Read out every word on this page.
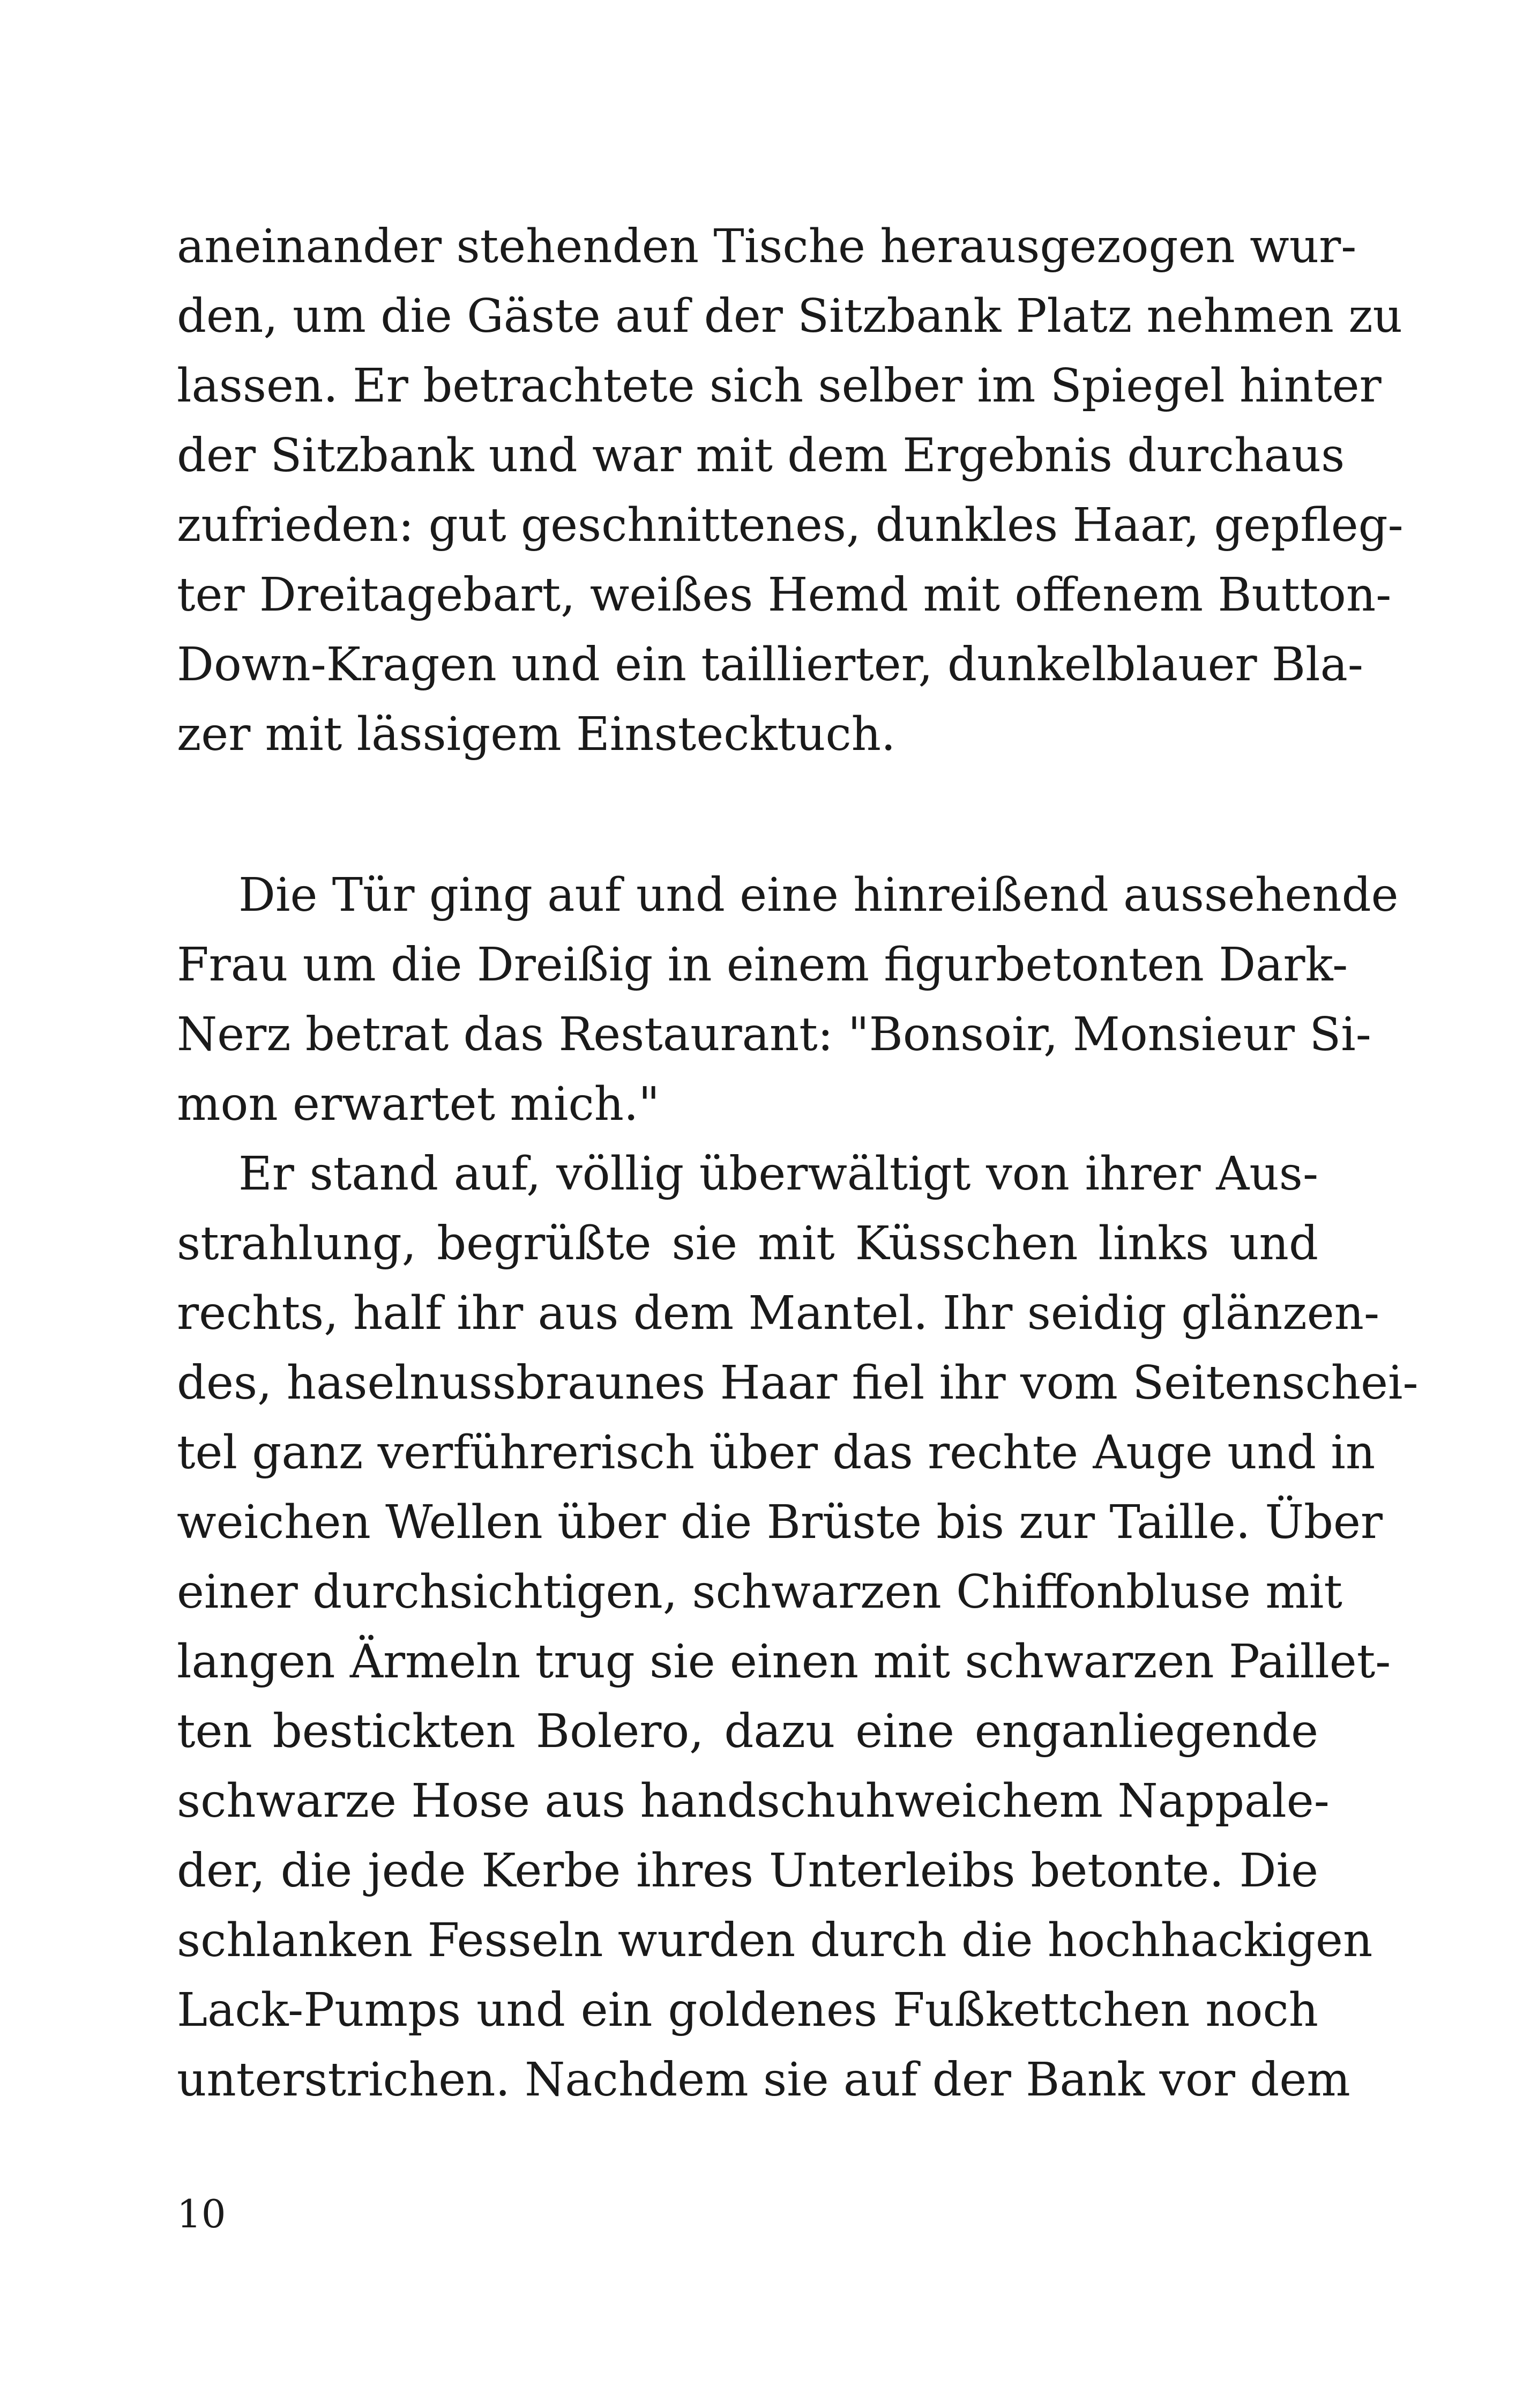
aneinander stehenden Tische herausgezogen wur-
den, um die Gäste auf der Sitzbank Platz nehmen zu
lassen. Er betrachtete sich selber im Spiegel hinter
der Sitzbank und war mit dem Ergebnis durchaus
zufrieden: gut geschnittenes, dunkles Haar, gepfleg-
ter Dreitagebart, weißes Hemd mit offenem Button-
Down-Kragen und ein taillierter, dunkelblauer Bla-
zer mit lässigem Einstecktuch.
Die Tür ging auf und eine hinreißend aussehende
Frau um die Dreißig in einem figurbetonten Dark-
Nerz betrat das Restaurant: "Bonsoir, Monsieur Si-
mon erwartet mich."
Er stand auf, völlig überwältigt von ihrer Aus-
strahlung, begrüßte sie mit Küsschen links und
rechts, half ihr aus dem Mantel. Ihr seidig glänzen-
des, haselnussbraunes Haar fiel ihr vom Seitenschei-
tel ganz verführerisch über das rechte Auge und in
weichen Wellen über die Brüste bis zur Taille. Über
einer durchsichtigen, schwarzen Chiffonbluse mit
langen Ärmeln trug sie einen mit schwarzen Paillet-
ten bestickten Bolero, dazu eine enganliegende
schwarze Hose aus handschuhweichem Nappale-
der, die jede Kerbe ihres Unterleibs betonte. Die
schlanken Fesseln wurden durch die hochhackigen
Lack-Pumps und ein goldenes Fußkettchen noch
unterstrichen. Nachdem sie auf der Bank vor dem
10
